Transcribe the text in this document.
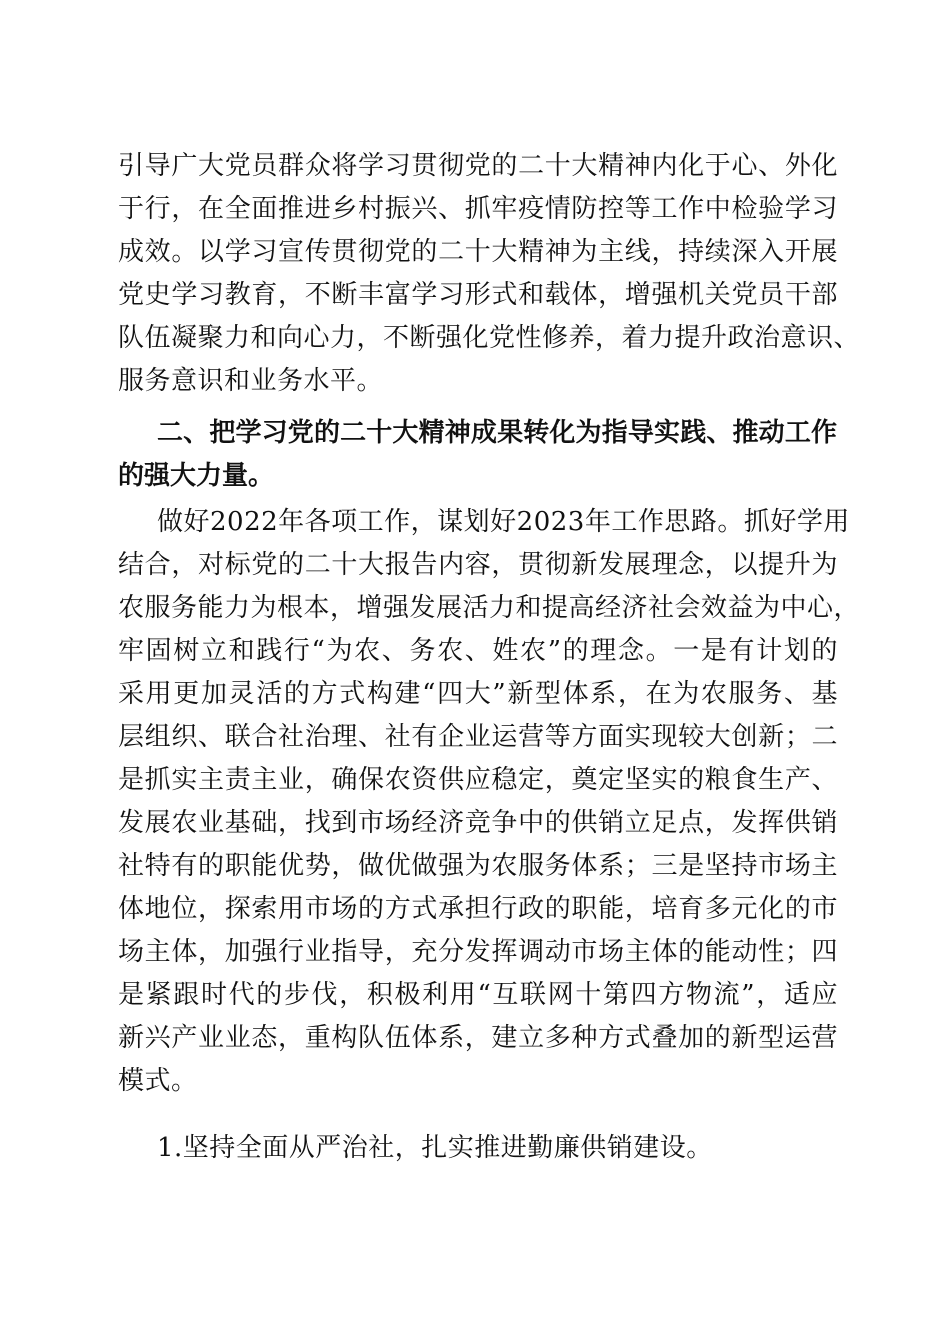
引导广大党员群众将学习贯彻党的二十大精神内化于心、外化
于行，在全面推进乡村振兴、抓牢疫情防控等工作中检验学习
成效。以学习宣传贯彻党的二十大精神为主线，持续深入开展
党史学习教育，不断丰富学习形式和载体，增强机关党员干部
队伍凝聚力和向心力，不断强化党性修养，着力提升政治意识、
服务意识和业务水平。
二、把学习党的二十大精神成果转化为指导实践、推动工作
的强大力量。
做好2022年各项工作，谋划好2023年工作思路。抓好学用
结合，对标党的二十大报告内容，贯彻新发展理念，以提升为
农服务能力为根本，增强发展活力和提高经济社会效益为中心，
牢固树立和践行“为农、务农、姓农”的理念。一是有计划的
采用更加灵活的方式构建“四大”新型体系，在为农服务、基
层组织、联合社治理、社有企业运营等方面实现较大创新；二
是抓实主责主业，确保农资供应稳定，奠定坚实的粮食生产、
发展农业基础，找到市场经济竞争中的供销立足点，发挥供销
社特有的职能优势，做优做强为农服务体系；三是坚持市场主
体地位，探索用市场的方式承担行政的职能，培育多元化的市
场主体，加强行业指导，充分发挥调动市场主体的能动性；四
是紧跟时代的步伐，积极利用“互联网十第四方物流”，适应
新兴产业业态，重构队伍体系，建立多种方式叠加的新型运营
模式。
1.坚持全面从严治社，扎实推进勤廉供销建设。
